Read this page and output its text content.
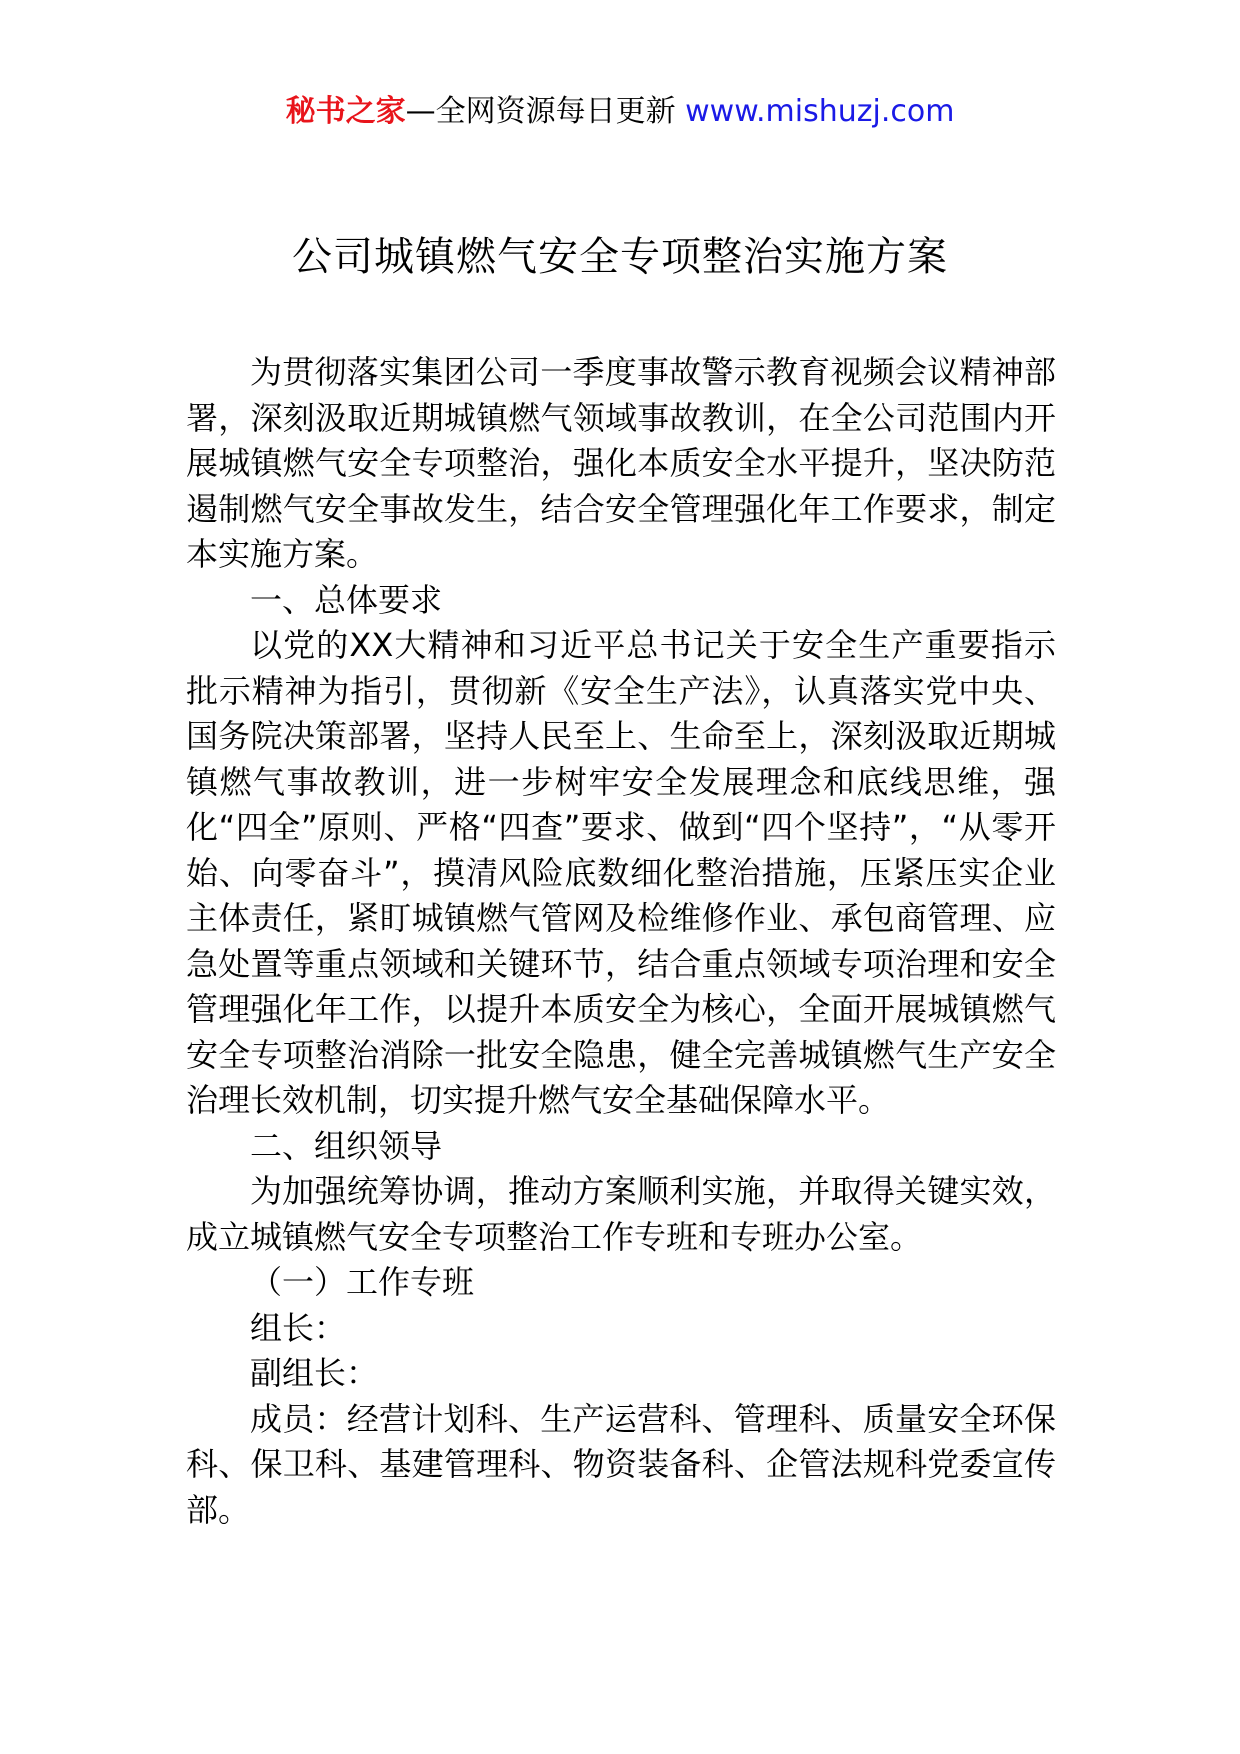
秘书之家—全网资源每日更新 www.mishuzj.com
公司城镇燃气安全专项整治实施方案

为贯彻落实集团公司一季度事故警示教育视频会议精神部署，深刻汲取近期城镇燃气领域事故教训，在全公司范围内开展城镇燃气安全专项整治，强化本质安全水平提升，坚决防范遏制燃气安全事故发生，结合安全管理强化年工作要求，制定本实施方案。

一、总体要求

以党的XX大精神和习近平总书记关于安全生产重要指示批示精神为指引，贯彻新《安全生产法》，认真落实党中央、国务院决策部署，坚持人民至上、生命至上，深刻汲取近期城镇燃气事故教训，进一步树牢安全发展理念和底线思维，强化“四全”原则、严格“四查”要求、做到“四个坚持”，“从零开始、向零奋斗”，摸清风险底数细化整治措施，压紧压实企业主体责任，紧盯城镇燃气管网及检维修作业、承包商管理、应急处置等重点领域和关键环节，结合重点领域专项治理和安全管理强化年工作，以提升本质安全为核心，全面开展城镇燃气安全专项整治消除一批安全隐患，健全完善城镇燃气生产安全治理长效机制，切实提升燃气安全基础保障水平。

二、组织领导

为加强统筹协调，推动方案顺利实施，并取得关键实效，成立城镇燃气安全专项整治工作专班和专班办公室。

（一）工作专班

组长：

副组长：

成员：经营计划科、生产运营科、管理科、质量安全环保科、保卫科、基建管理科、物资装备科、企管法规科党委宣传部。
